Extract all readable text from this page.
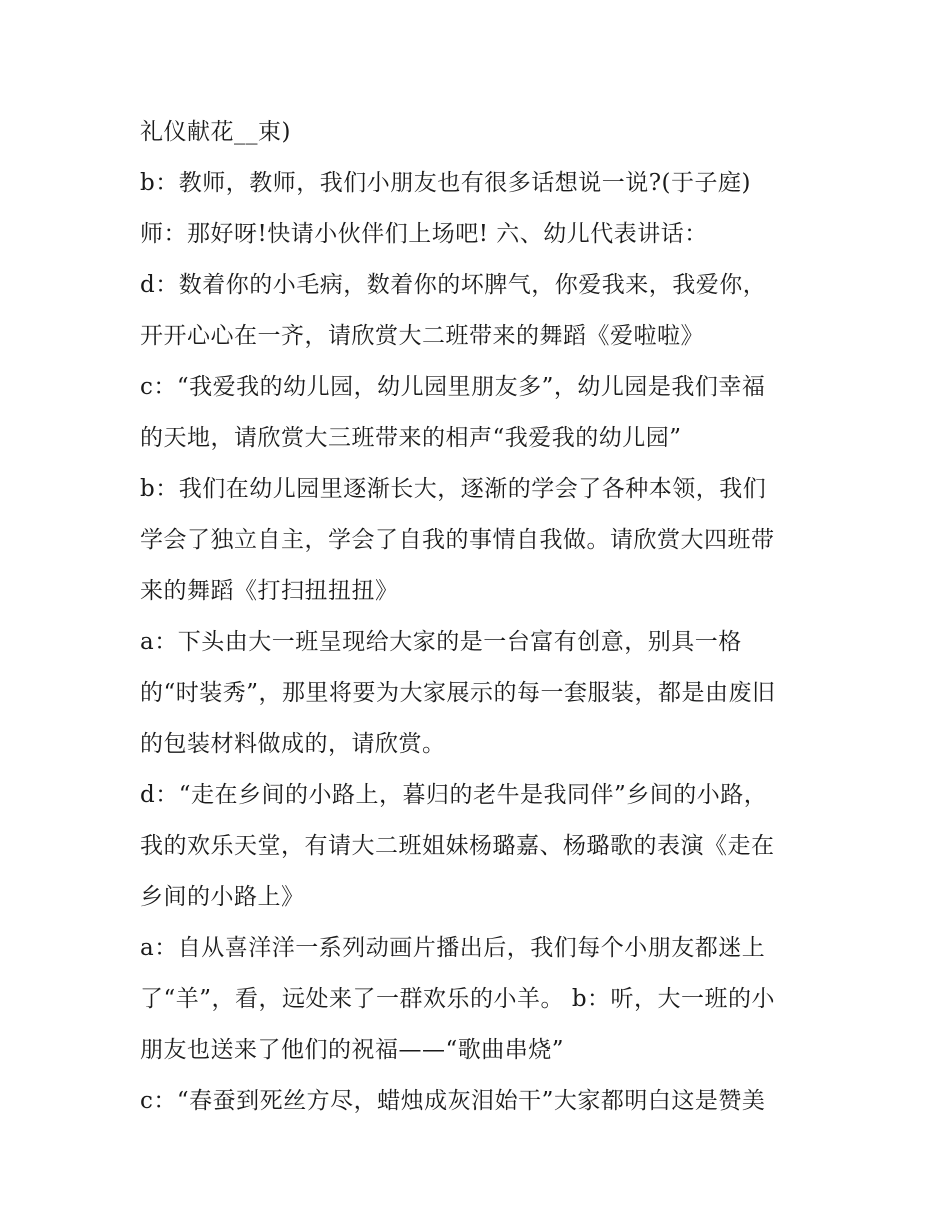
礼仪献花__束)
b：教师，教师，我们小朋友也有很多话想说一说?(于子庭)
师：那好呀!快请小伙伴们上场吧! 六、幼儿代表讲话：
d：数着你的小毛病，数着你的坏脾气，你爱我来，我爱你，
开开心心在一齐，请欣赏大二班带来的舞蹈《爱啦啦》
c：“我爱我的幼儿园，幼儿园里朋友多”，幼儿园是我们幸福
的天地，请欣赏大三班带来的相声“我爱我的幼儿园”
b：我们在幼儿园里逐渐长大，逐渐的学会了各种本领，我们
学会了独立自主，学会了自我的事情自我做。请欣赏大四班带
来的舞蹈《打扫扭扭扭》
a：下头由大一班呈现给大家的是一台富有创意，别具一格
的“时装秀”，那里将要为大家展示的每一套服装，都是由废旧
的包装材料做成的，请欣赏。
d：“走在乡间的小路上，暮归的老牛是我同伴”乡间的小路，
我的欢乐天堂，有请大二班姐妹杨璐嘉、杨璐歌的表演《走在
乡间的小路上》
a：自从喜洋洋一系列动画片播出后，我们每个小朋友都迷上
了“羊”，看，远处来了一群欢乐的小羊。 b：听，大一班的小
朋友也送来了他们的祝福——“歌曲串烧”
c：“春蚕到死丝方尽，蜡烛成灰泪始干”大家都明白这是赞美
